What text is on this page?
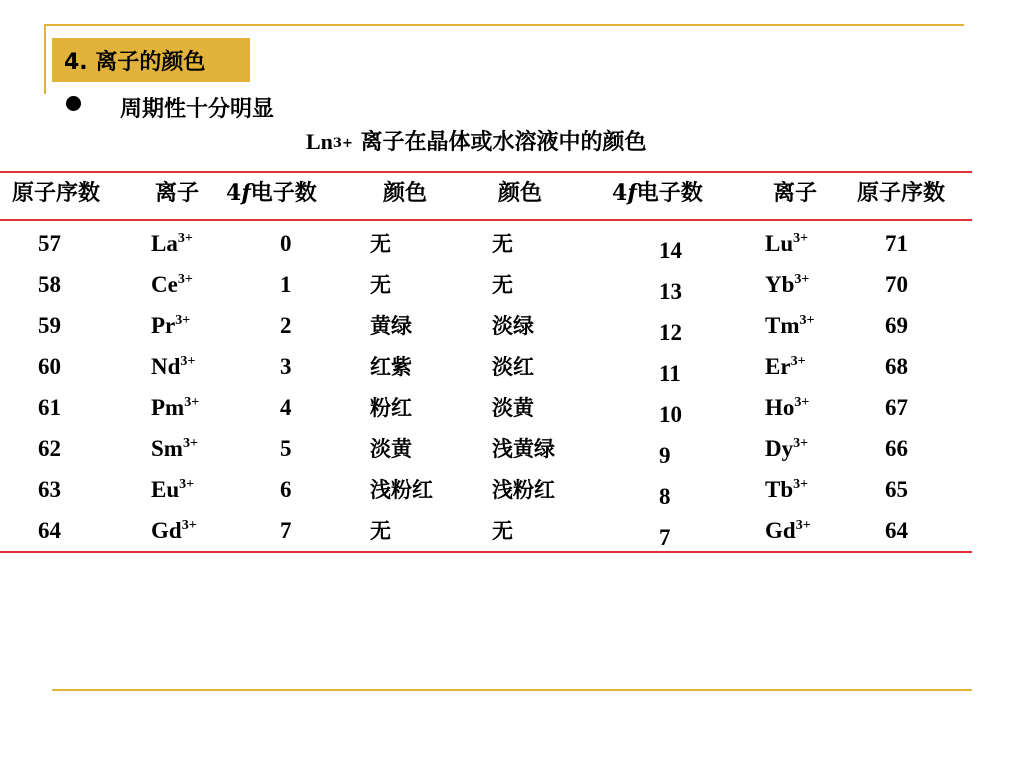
4. 离子的颜色
周期性十分明显
$Ln^{3+}$ 离子在晶体或水溶液中的颜色
原子序数 离子 4f电子数	颜色	颜色	4f电子数	离子 原子序数
57	$La^{3+}$	0	无	无	14	$Lu^{3+}$	71
58	$Ce^{3+}$	1	无	无	13	$Yb^{3+}$	70
59	$Pr^{3+}$	2	黄绿	淡绿	12	$Tm^{3+}$	69
60	$Nd^{3+}$	3	红紫	淡红	11	$Er^{3+}$	68
61	$Pm^{3+}$	4	粉红	淡黄	10	$Ho^{3+}$	67
62	$Sm^{3+}$	5	淡黄	浅黄绿	9	$Dy^{3+}$	66
63	$Eu^{3+}$	6	浅粉红	浅粉红	8	$Tb^{3+}$	65
64	$Gd^{3+}$	7	无	无	7	$Gd^{3+}$	64
